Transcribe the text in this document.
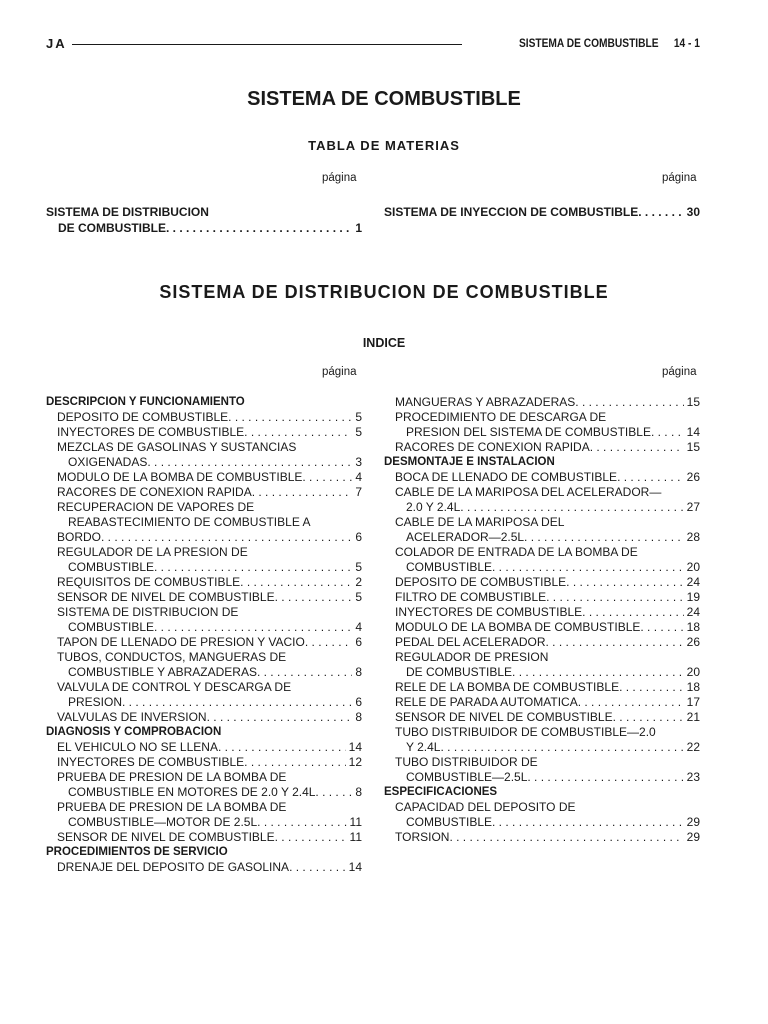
JA	SISTEMA DE COMBUSTIBLE 14 - 1
SISTEMA DE COMBUSTIBLE
TABLA DE MATERIAS
página	página
SISTEMA DE DISTRIBUCION
DE COMBUSTIBLE . . .	1
SISTEMA DE INYECCION DE COMBUSTIBLE . . .	30
SISTEMA DE DISTRIBUCION DE COMBUSTIBLE
INDICE
página	página
DESCRIPCION Y FUNCIONAMIENTO
DEPOSITO DE COMBUSTIBLE . . .	5
INYECTORES DE COMBUSTIBLE . . .	5
MEZCLAS DE GASOLINAS Y SUSTANCIAS
OXIGENADAS . . .	3
MODULO DE LA BOMBA DE COMBUSTIBLE . . .	4
RACORES DE CONEXION RAPIDA . . .	7
RECUPERACION DE VAPORES DE
REABASTECIMIENTO DE COMBUSTIBLE A
BORDO . . .	6
REGULADOR DE LA PRESION DE
COMBUSTIBLE . . .	5
REQUISITOS DE COMBUSTIBLE . . .	2
SENSOR DE NIVEL DE COMBUSTIBLE . . .	5
SISTEMA DE DISTRIBUCION DE
COMBUSTIBLE . . .	4
TAPON DE LLENADO DE PRESION Y VACIO . . .	6
TUBOS, CONDUCTOS, MANGUERAS DE
COMBUSTIBLE Y ABRAZADERAS . . .	8
VALVULA DE CONTROL Y DESCARGA DE
PRESION . . .	6
VALVULAS DE INVERSION . . .	8
DIAGNOSIS Y COMPROBACION
EL VEHICULO NO SE LLENA . . .	14
INYECTORES DE COMBUSTIBLE . . .	12
PRUEBA DE PRESION DE LA BOMBA DE
COMBUSTIBLE EN MOTORES DE 2.0 Y 2.4L . . .	8
PRUEBA DE PRESION DE LA BOMBA DE
COMBUSTIBLE—MOTOR DE 2.5L . . .	11
SENSOR DE NIVEL DE COMBUSTIBLE . . .	11
PROCEDIMIENTOS DE SERVICIO
DRENAJE DEL DEPOSITO DE GASOLINA . . .	14
MANGUERAS Y ABRAZADERAS . . .	15
PROCEDIMIENTO DE DESCARGA DE
PRESION DEL SISTEMA DE COMBUSTIBLE . . .	14
RACORES DE CONEXION RAPIDA . . .	15
DESMONTAJE E INSTALACION
BOCA DE LLENADO DE COMBUSTIBLE . . .	26
CABLE DE LA MARIPOSA DEL ACELERADOR—
2.0 Y 2.4L . . .	27
CABLE DE LA MARIPOSA DEL
ACELERADOR—2.5L . . .	28
COLADOR DE ENTRADA DE LA BOMBA DE
COMBUSTIBLE . . .	20
DEPOSITO DE COMBUSTIBLE . . .	24
FILTRO DE COMBUSTIBLE . . .	19
INYECTORES DE COMBUSTIBLE . . .	24
MODULO DE LA BOMBA DE COMBUSTIBLE . . .	18
PEDAL DEL ACELERADOR . . .	26
REGULADOR DE PRESION
DE COMBUSTIBLE . . .	20
RELE DE LA BOMBA DE COMBUSTIBLE . . .	18
RELE DE PARADA AUTOMATICA . . .	17
SENSOR DE NIVEL DE COMBUSTIBLE . . .	21
TUBO DISTRIBUIDOR DE COMBUSTIBLE—2.0
Y 2.4L . . .	22
TUBO DISTRIBUIDOR DE
COMBUSTIBLE—2.5L . . .	23
ESPECIFICACIONES
CAPACIDAD DEL DEPOSITO DE
COMBUSTIBLE . . .	29
TORSION . . .	29
